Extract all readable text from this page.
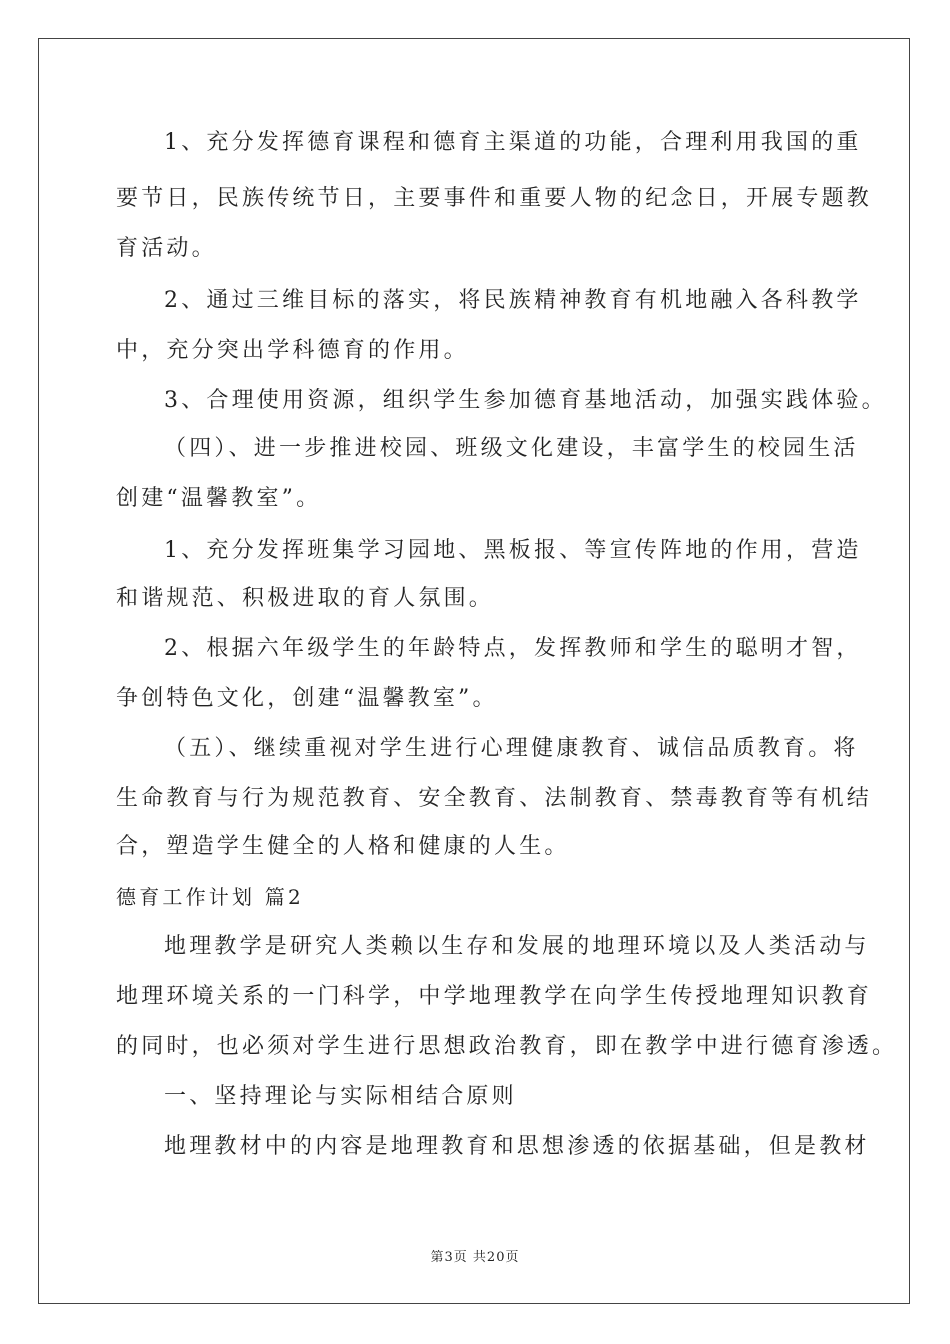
1、充分发挥德育课程和德育主渠道的功能，合理利用我国的重
要节日，民族传统节日，主要事件和重要人物的纪念日，开展专题教
育活动。
2、通过三维目标的落实，将民族精神教育有机地融入各科教学
中，充分突出学科德育的作用。
3、合理使用资源，组织学生参加德育基地活动，加强实践体验。
（四）、进一步推进校园、班级文化建设，丰富学生的校园生活
创建“温馨教室”。
1、充分发挥班集学习园地、黑板报、等宣传阵地的作用，营造
和谐规范、积极进取的育人氛围。
2、根据六年级学生的年龄特点，发挥教师和学生的聪明才智，
争创特色文化，创建“温馨教室”。
（五）、继续重视对学生进行心理健康教育、诚信品质教育。将
生命教育与行为规范教育、安全教育、法制教育、禁毒教育等有机结
合，塑造学生健全的人格和健康的人生。
德育工作计划 篇2
地理教学是研究人类赖以生存和发展的地理环境以及人类活动与
地理环境关系的一门科学，中学地理教学在向学生传授地理知识教育
的同时，也必须对学生进行思想政治教育，即在教学中进行德育渗透。
一、坚持理论与实际相结合原则
地理教材中的内容是地理教育和思想渗透的依据基础，但是教材
第3页 共20页
